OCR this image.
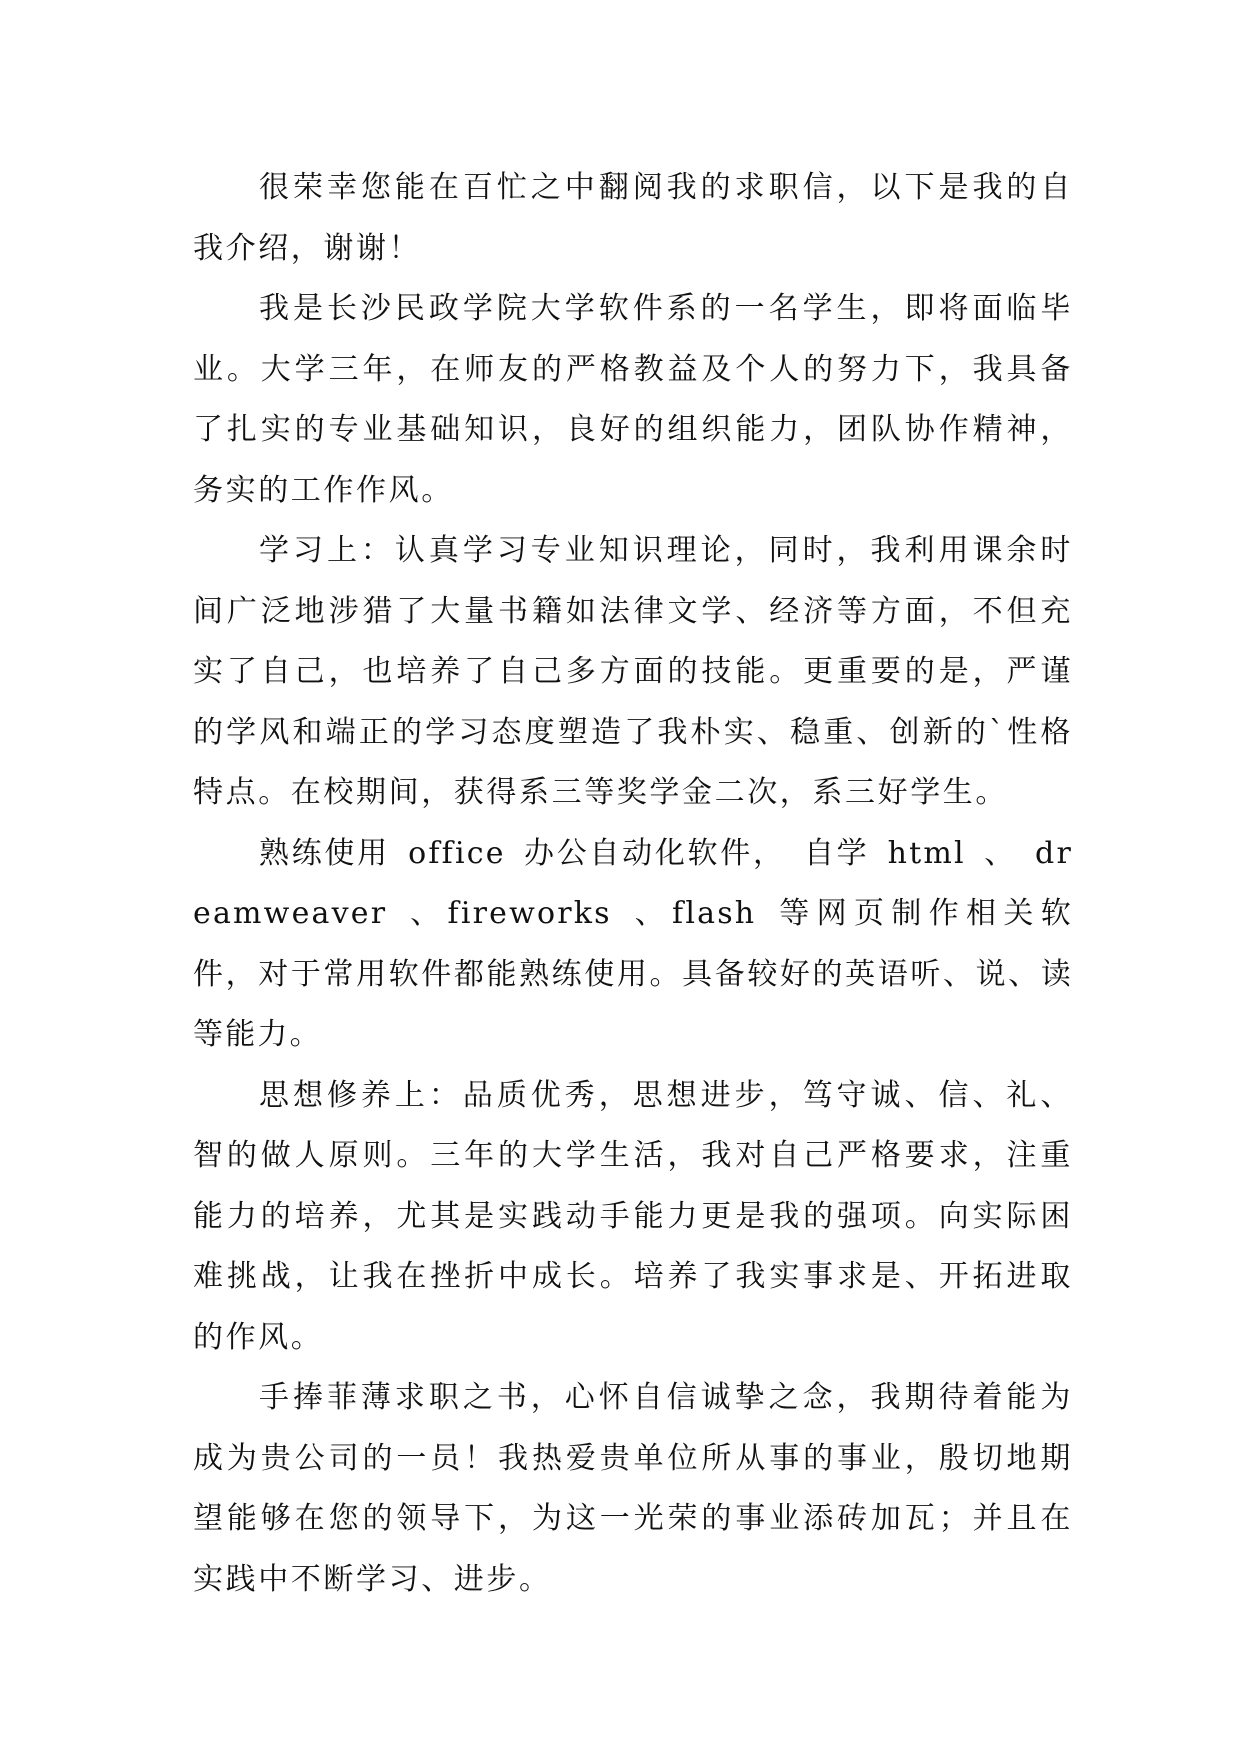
很荣幸您能在百忙之中翻阅我的求职信，以下是我的自我介绍，谢谢！

我是长沙民政学院大学软件系的一名学生，即将面临毕业。大学三年，在师友的严格教益及个人的努力下，我具备了扎实的专业基础知识，良好的组织能力，团队协作精神，务实的工作作风。

学习上：认真学习专业知识理论，同时，我利用课余时间广泛地涉猎了大量书籍如法律文学、经济等方面，不但充实了自己，也培养了自己多方面的技能。更重要的是，严谨的学风和端正的学习态度塑造了我朴实、稳重、创新的`性格特点。在校期间，获得系三等奖学金二次，系三好学生。

熟练使用 office 办公自动化软件， 自学 html 、 dreamweaver 、fireworks 、flash 等网页制作相关软件，对于常用软件都能熟练使用。具备较好的英语听、说、读等能力。

思想修养上：品质优秀，思想进步，笃守诚、信、礼、智的做人原则。三年的大学生活，我对自己严格要求，注重能力的培养，尤其是实践动手能力更是我的强项。向实际困难挑战，让我在挫折中成长。培养了我实事求是、开拓进取的作风。

手捧菲薄求职之书，心怀自信诚挚之念，我期待着能为成为贵公司的一员！我热爱贵单位所从事的事业，殷切地期望能够在您的领导下，为这一光荣的事业添砖加瓦；并且在实践中不断学习、进步。
